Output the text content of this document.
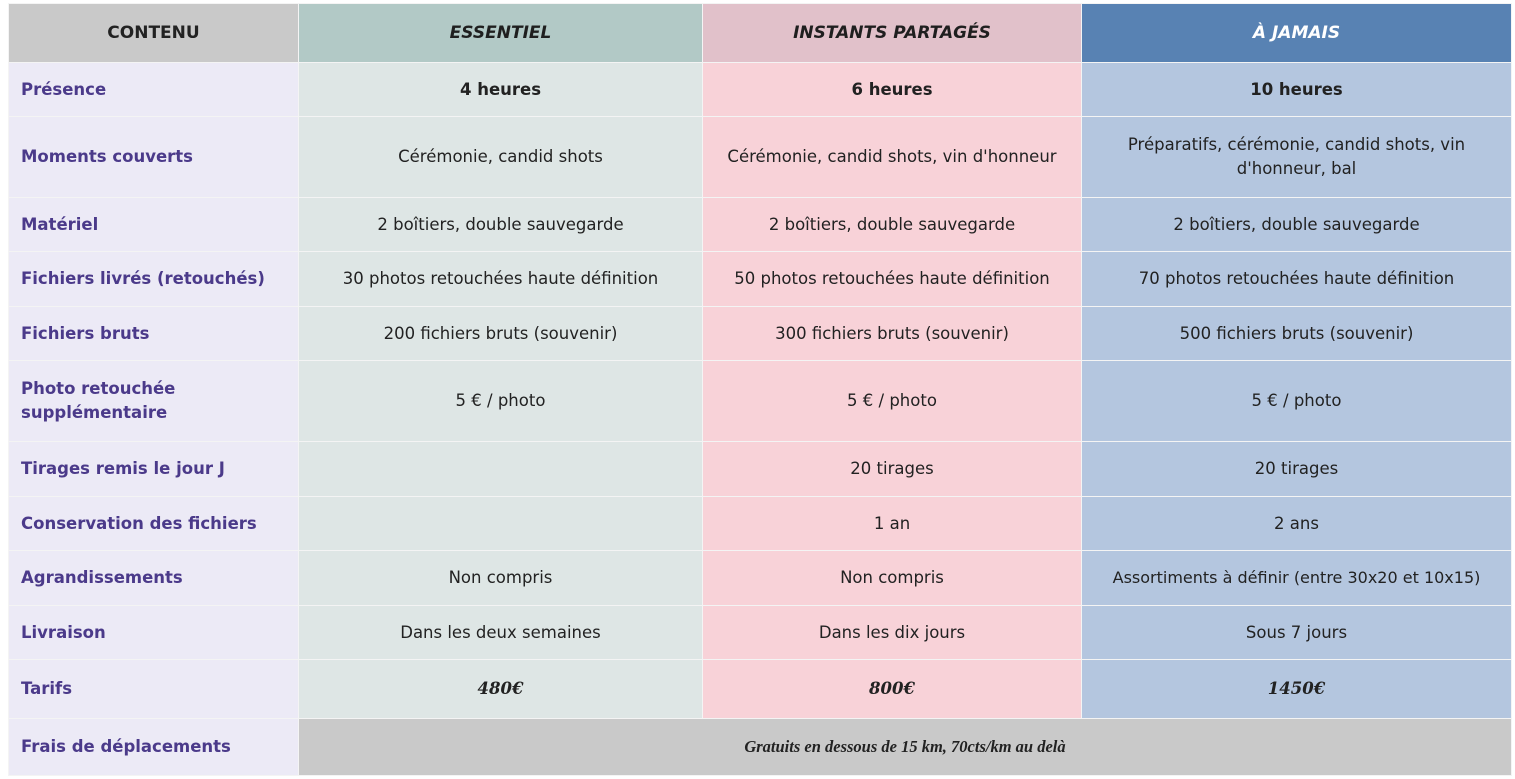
CONTENU	ESSENTIEL	INSTANTS PARTAGÉS	À JAMAIS
Présence	4 heures	6 heures	10 heures
Moments couverts	Cérémonie, candid shots	Cérémonie, candid shots, vin d'honneur	Préparatifs, cérémonie, candid shots, vin d'honneur, bal
Matériel	2 boîtiers, double sauvegarde	2 boîtiers, double sauvegarde	2 boîtiers, double sauvegarde
Fichiers livrés (retouchés)	30 photos retouchées haute définition	50 photos retouchées haute définition	70 photos retouchées haute définition
Fichiers bruts	200 fichiers bruts (souvenir)	300 fichiers bruts (souvenir)	500 fichiers bruts (souvenir)
Photo retouchée supplémentaire	5 € / photo	5 € / photo	5 € / photo
Tirages remis le jour J		20 tirages	20 tirages
Conservation des fichiers		1 an	2 ans
Agrandissements	Non compris	Non compris	Assortiments à définir (entre 30x20 et 10x15)
Livraison	Dans les deux semaines	Dans les dix jours	Sous 7 jours
Tarifs	480€	800€	1450€
Frais de déplacements	Gratuits en dessous de 15 km, 70cts/km au delà		
